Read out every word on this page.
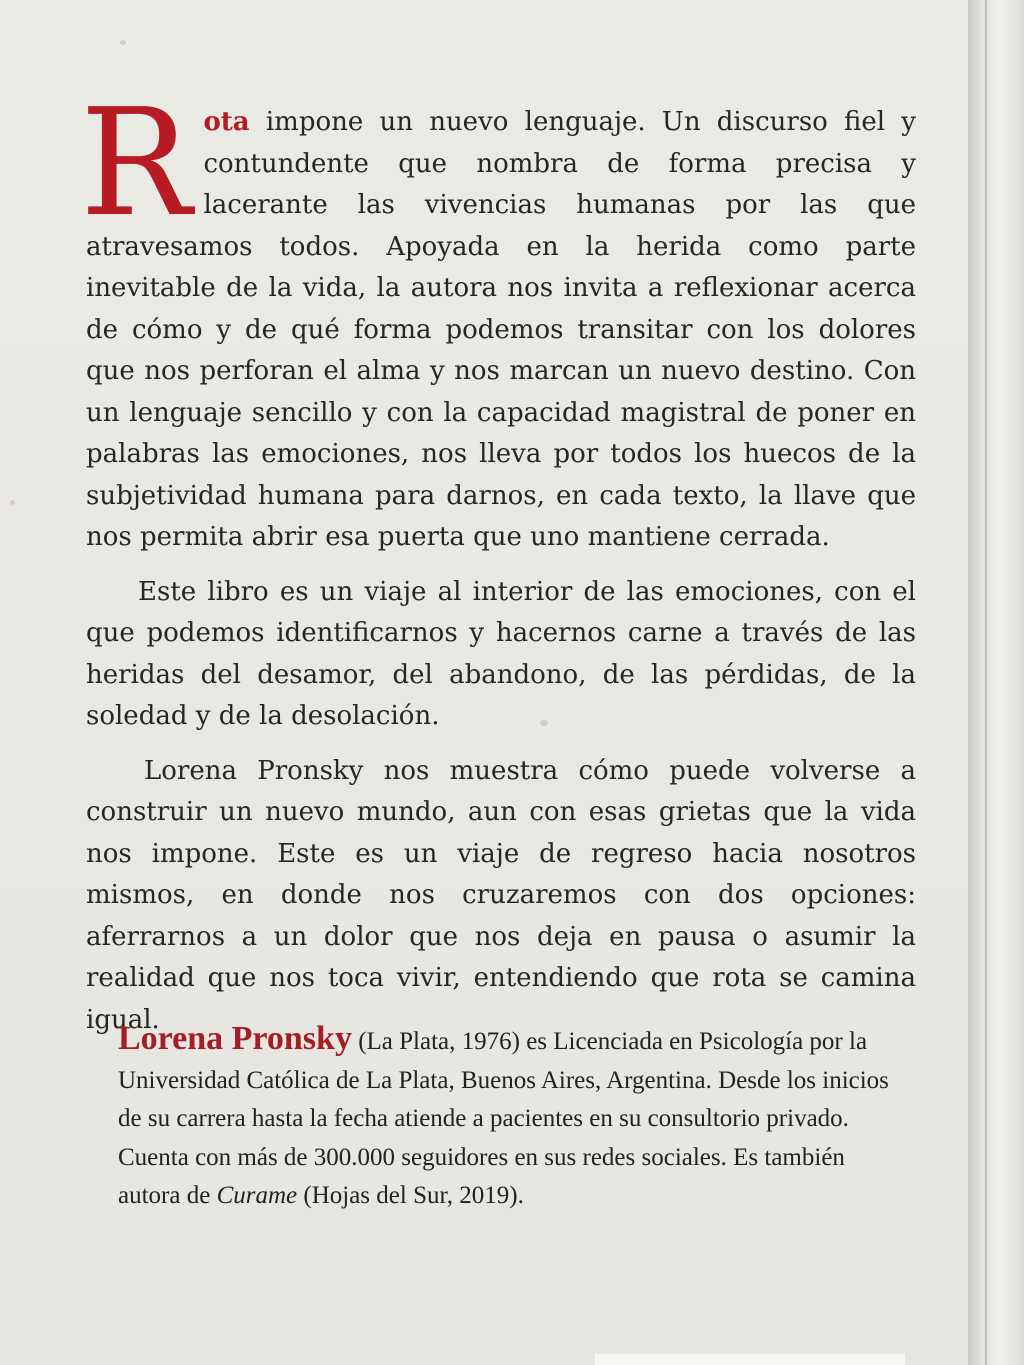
Rota impone un nuevo lenguaje. Un discurso fiel y contundente que nombra de forma precisa y lacerante las vivencias humanas por las que atravesamos todos. Apoyada en la herida como parte inevitable de la vida, la autora nos invita a reflexionar acerca de cómo y de qué forma podemos transitar con los dolores que nos perforan el alma y nos marcan un nuevo destino. Con un lenguaje sencillo y con la capacidad magistral de poner en palabras las emociones, nos lleva por todos los huecos de la subjetividad humana para darnos, en cada texto, la llave que nos permita abrir esa puerta que uno mantiene cerrada.

Este libro es un viaje al interior de las emociones, con el que podemos identificarnos y hacernos carne a través de las heridas del desamor, del abandono, de las pérdidas, de la soledad y de la desolación.

Lorena Pronsky nos muestra cómo puede volverse a construir un nuevo mundo, aun con esas grietas que la vida nos impone. Este es un viaje de regreso hacia nosotros mismos, en donde nos cruzaremos con dos opciones: aferrarnos a un dolor que nos deja en pausa o asumir la realidad que nos toca vivir, entendiendo que rota se camina igual.

Lorena Pronsky (La Plata, 1976) es Licenciada en Psicología por la Universidad Católica de La Plata, Buenos Aires, Argentina. Desde los inicios de su carrera hasta la fecha atiende a pacientes en su consultorio privado. Cuenta con más de 300.000 seguidores en sus redes sociales. Es también autora de Curame (Hojas del Sur, 2019).
